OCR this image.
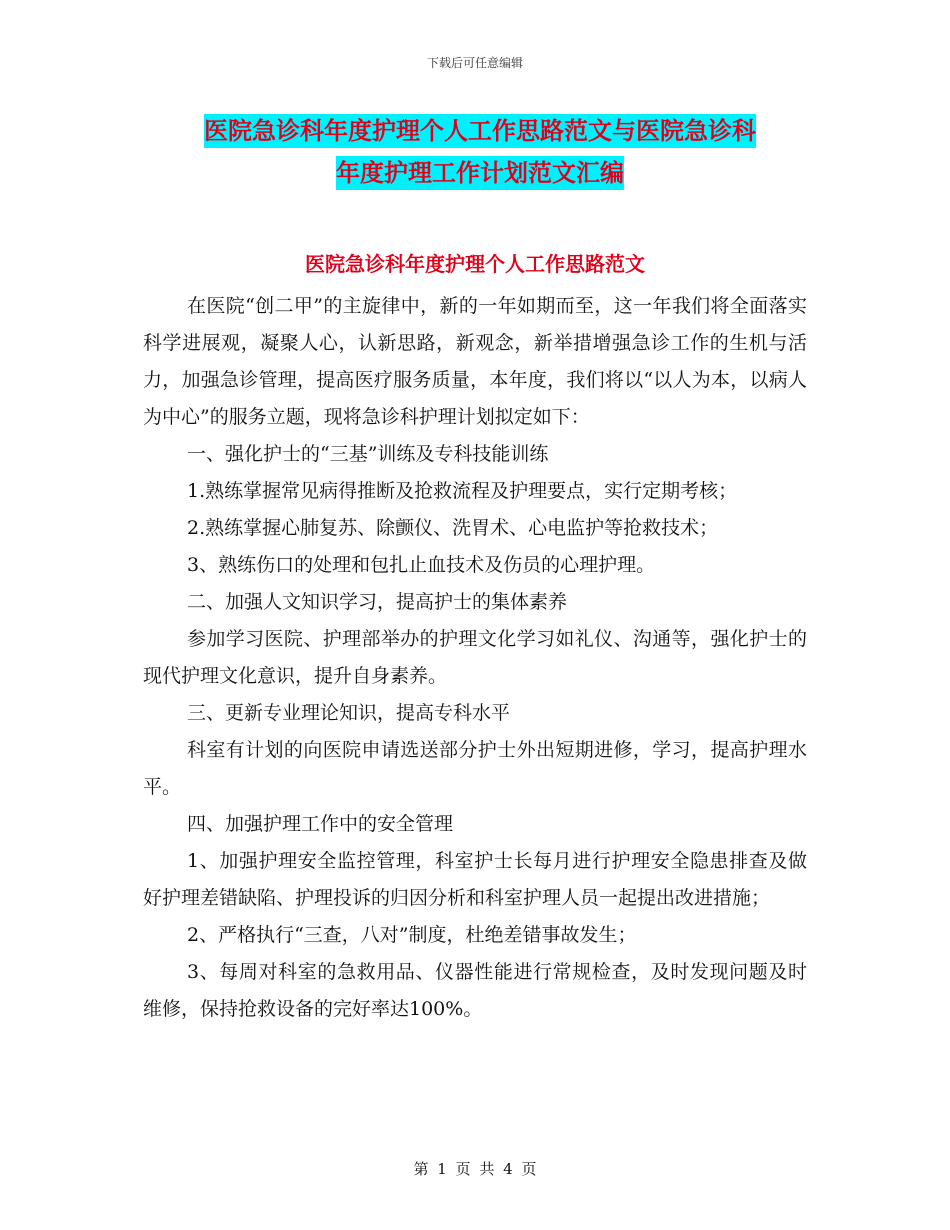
下载后可任意编辑
医院急诊科年度护理个人工作思路范文与医院急诊科
年度护理工作计划范文汇编
医院急诊科年度护理个人工作思路范文

在医院“创二甲”的主旋律中，新的一年如期而至，这一年我们将全面落实科学进展观，凝聚人心，认新思路，新观念，新举措增强急诊工作的生机与活力，加强急诊管理，提高医疗服务质量，本年度，我们将以“以人为本，以病人为中心”的服务立题，现将急诊科护理计划拟定如下：

一、强化护士的“三基”训练及专科技能训练

1.熟练掌握常见病得推断及抢救流程及护理要点，实行定期考核；

2.熟练掌握心肺复苏、除颤仪、洗胃术、心电监护等抢救技术；

3、熟练伤口的处理和包扎止血技术及伤员的心理护理。

二、加强人文知识学习，提高护士的集体素养

参加学习医院、护理部举办的护理文化学习如礼仪、沟通等，强化护士的现代护理文化意识，提升自身素养。

三、更新专业理论知识，提高专科水平

科室有计划的向医院申请选送部分护士外出短期进修，学习，提高护理水平。

四、加强护理工作中的安全管理

1、加强护理安全监控管理，科室护士长每月进行护理安全隐患排查及做好护理差错缺陷、护理投诉的归因分析和科室护理人员一起提出改进措施；

2、严格执行“三查，八对”制度，杜绝差错事故发生；

3、每周对科室的急救用品、仪器性能进行常规检查，及时发现问题及时维修，保持抢救设备的完好率达100%。

第 1 页 共 4 页
